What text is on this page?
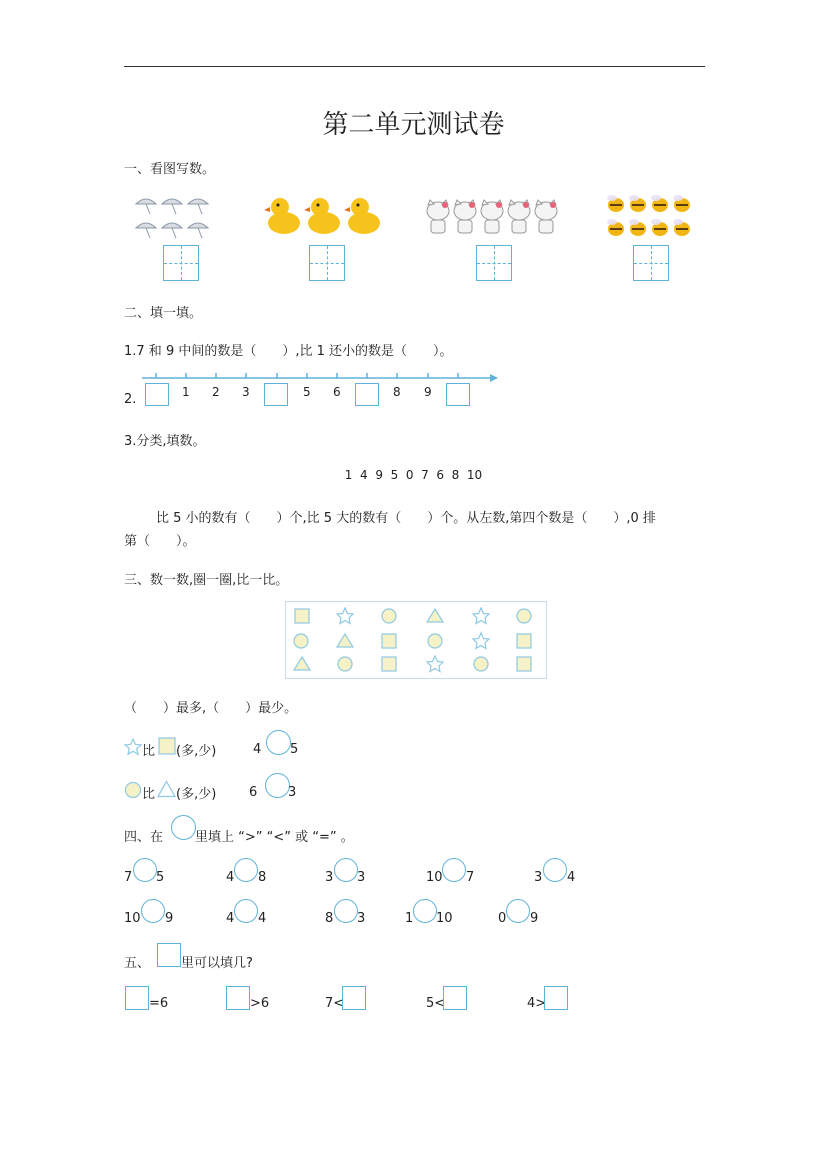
第二单元测试卷
一、看图写数。
二、填一填。
1.7 和 9 中间的数是（　　）,比 1 还小的数是（　　）。
2.	1 2 3	5 6	8 9
3.分类,填数。
1  4  9  5  0  7  6  8  10
比 5 小的数有（　　）个,比 5 大的数有（　　）个。从左数,第四个数是（　　）,0 排
第（　　）。
三、数一数,圈一圈,比一比。
（　　）最多,（　　）最少。
比 (多,少)	4 5
比 (多,少)	6 3
四、在 里填上 “>” “<” 或 “=” 。
7 5	4 8	3 3	10 7	3 4
10 9	4 4	8 3	1 10	0 9
五、 里可以填几?
=6	>6	7<	5<	4>
